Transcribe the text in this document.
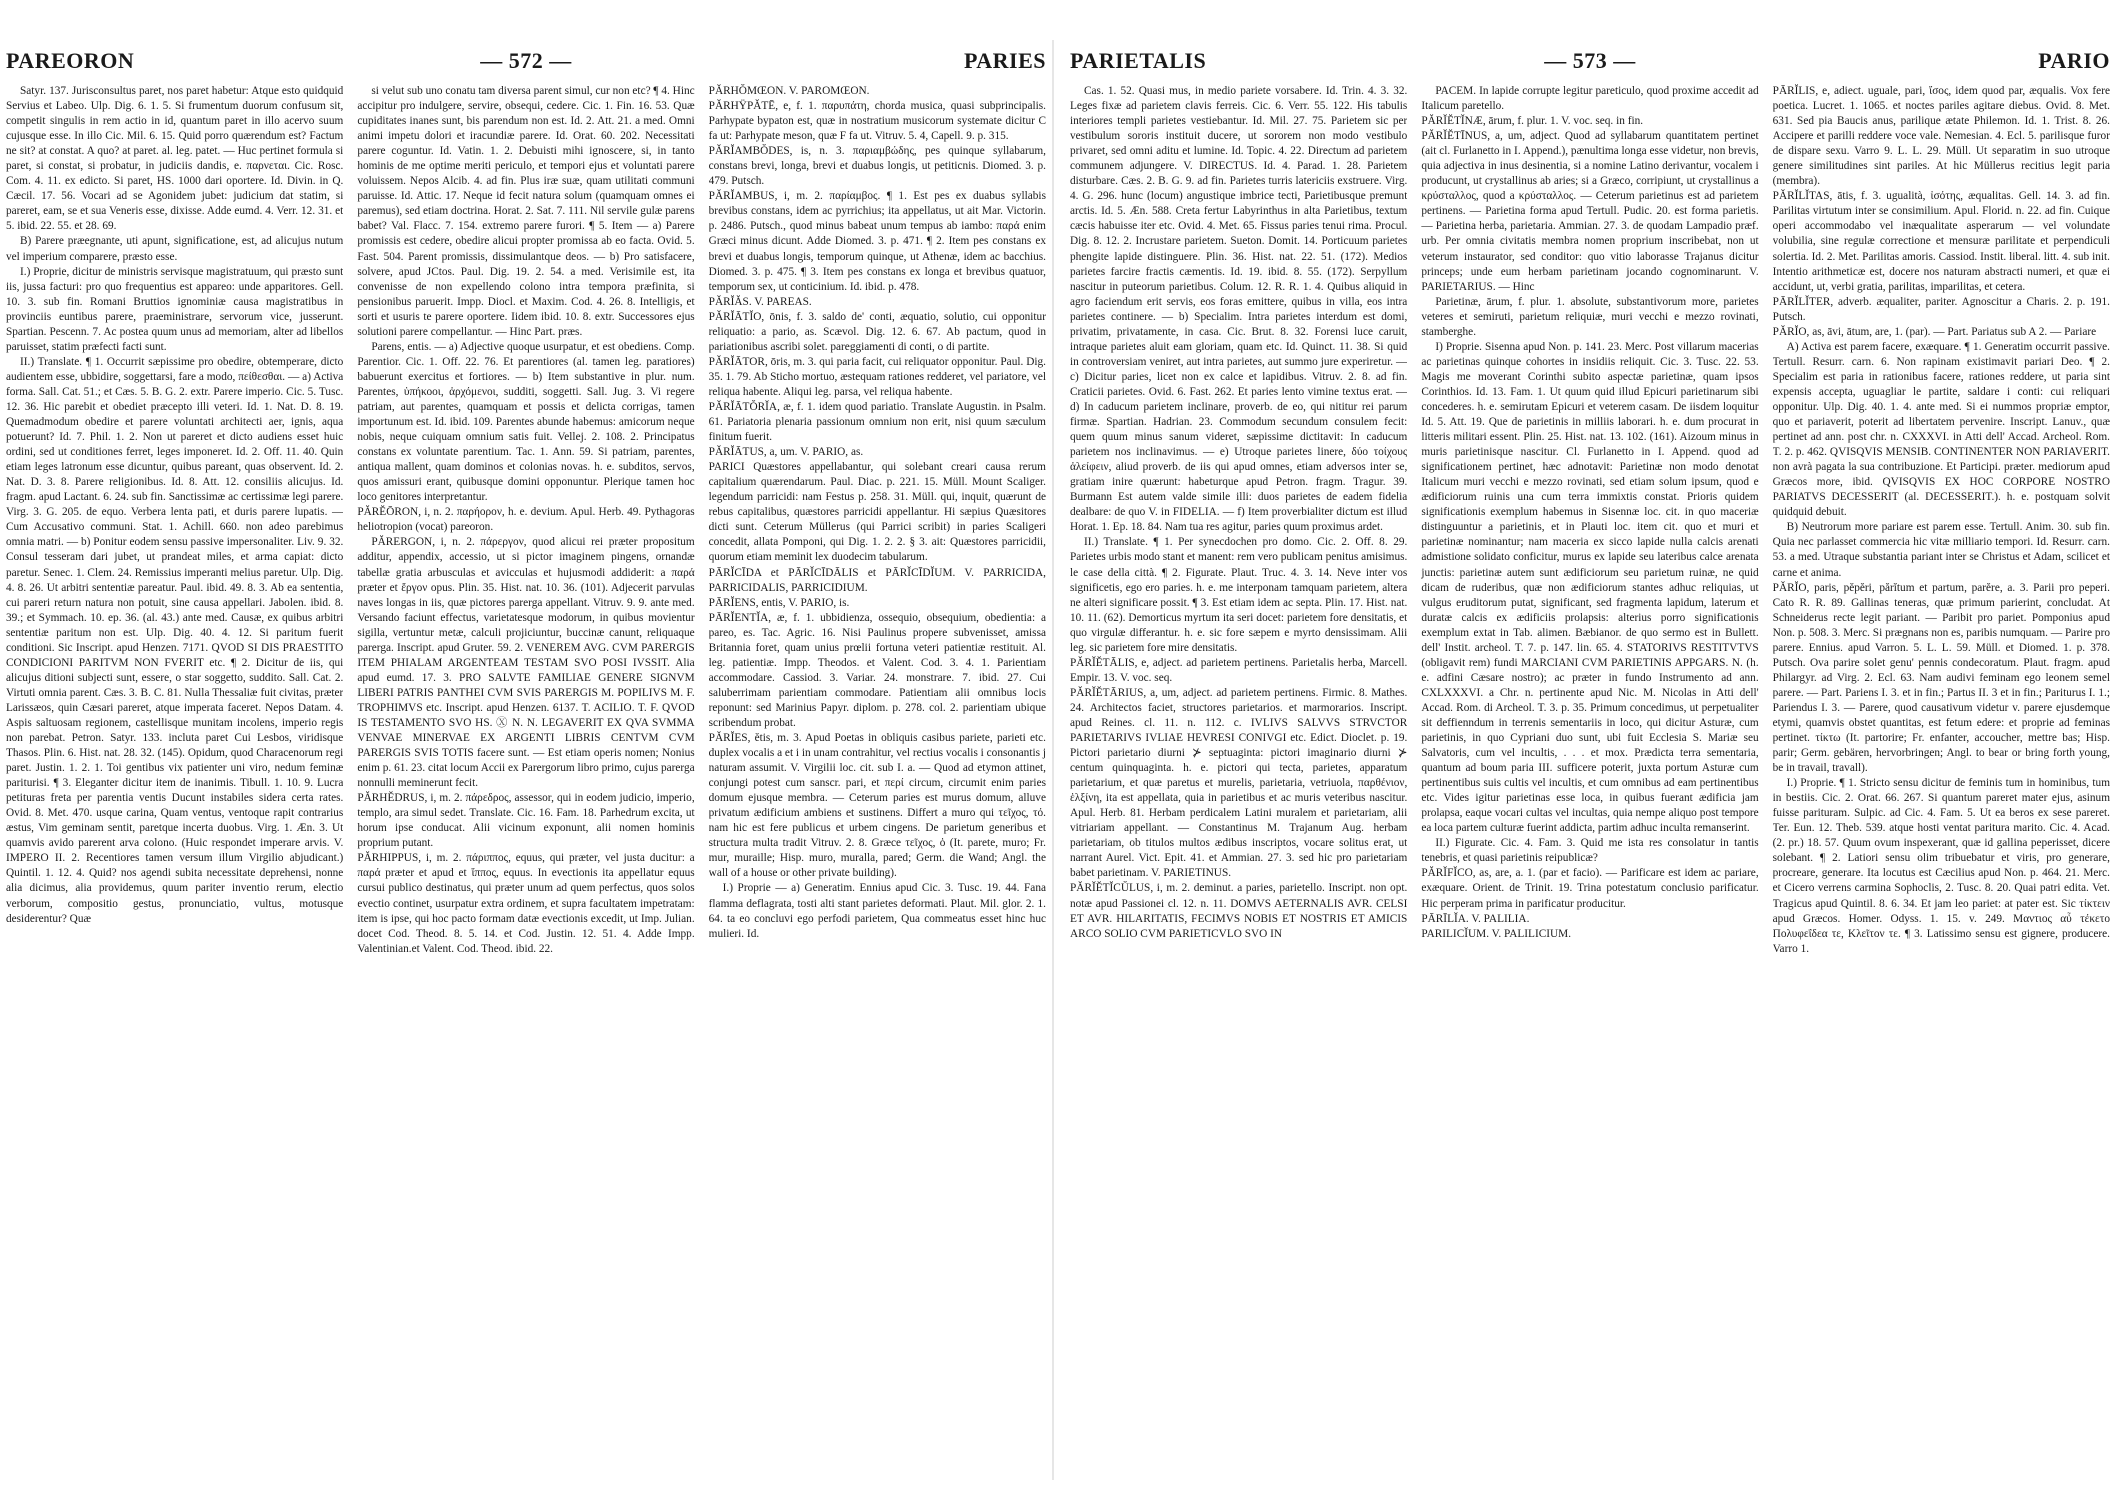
PAREORON	— 572 —	PARIES

Satyr. 137. Jurisconsultus paret, nos paret habetur: Atque esto quidquid Servius et Labeo. Ulp. Dig. 6. 1. 5. Si frumentum duorum confusum sit, competit singulis in rem actio in id, quantum paret in illo acervo suum cujusque esse. In illo Cic. Mil. 6. 15. Quid porro quærendum est? Factum ne sit? at constat. A quo? at paret. al. leg. patet. — Huc pertinet formula si paret, si constat, si probatur, in judiciis dandis, e. παρνεται. Cic. Rosc. Com. 4. 11. ex edicto. Si paret, HS. 1000 dari oportere. Id. Divin. in Q. Cæcil. 17. 56. Vocari ad se Agonidem jubet: judicium dat statim, si pareret, eam, se et sua Veneris esse, dixisse. Adde eumd. 4. Verr. 12. 31. et 5. ibid. 22. 55. et 28. 69.

B) Parere præegnante, uti apunt, significatione, est, ad alicujus nutum vel imperium comparere, præsto esse.

I.) Proprie, dicitur de ministris servisque magistratuum, qui præsto sunt iis, jussa facturi: pro quo frequentius est appareo: unde apparitores. Gell. 10. 3. sub fin. Romani Bruttios ignominiæ causa magistratibus in provinciis euntibus parere, praeministrare, servorum vice, jusserunt. Spartian. Pescenn. 7. Ac postea quum unus ad memoriam, alter ad libellos paruisset, statim præfecti facti sunt.

II.) Translate. ¶ 1. Occurrit sæpissime pro obedire, obtemperare, dicto audientem esse, ubbidire, soggettarsi, fare a modo, πείθεσθαι. — a) Activa forma. Sall. Cat. 51.; et Cæs. 5. B. G. 2. extr. Parere imperio. Cic. 5. Tusc. 12. 36. Hic parebit et obediet præcepto illi veteri. Id. 1. Nat. D. 8. 19. Quemadmodum obedire et parere voluntati architecti aer, ignis, aqua potuerunt? Id. 7. Phil. 1. 2. Non ut pareret et dicto audiens esset huic ordini, sed ut conditiones ferret, leges imponeret. Id. 2. Off. 11. 40. Quin etiam leges latronum esse dicuntur, quibus pareant, quas observent. Id. 2. Nat. D. 3. 8. Parere religionibus. Id. 8. Att. 12. consiliis alicujus. Id. fragm. apud Lactant. 6. 24. sub fin. Sanctissimæ ac certissimæ legi parere. Virg. 3. G. 205. de equo. Verbera lenta pati, et duris parere lupatis. — Cum Accusativo communi. Stat. 1. Achill. 660. non adeo parebimus omnia matri. — b) Ponitur eodem sensu passive impersonaliter. Liv. 9. 32. Consul tesseram dari jubet, ut prandeat miles, et arma capiat: dicto paretur. Senec. 1. Clem. 24. Remissius imperanti melius paretur. Ulp. Dig. 4. 8. 26. Ut arbitri sententiæ pareatur. Paul. ibid. 49. 8. 3. Ab ea sententia, cui pareri return natura non potuit, sine causa appellari. Jabolen. ibid. 8. 39.; et Symmach. 10. ep. 36. (al. 43.) ante med. Causæ, ex quibus arbitri sententiæ paritum non est. Ulp. Dig. 40. 4. 12. Si paritum fuerit conditioni. Sic Inscript. apud Henzen. 7171. QVOD SI DIS PRAESTITO CONDICIONI PARITVM NON FVERIT etc. ¶ 2. Dicitur de iis, qui alicujus ditioni subjecti sunt, essere, o star soggetto, suddito. Sall. Cat. 2. Virtuti omnia parent. Cæs. 3. B. C. 81. Nulla Thessaliæ fuit civitas, præter Larissæos, quin Cæsari pareret, atque imperata faceret. Nepos Datam. 4. Aspis saltuosam regionem, castellisque munitam incolens, imperio regis non parebat. Petron. Satyr. 133. incluta paret Cui Lesbos, viridisque Thasos. Plin. 6. Hist. nat. 28. 32. (145). Opidum, quod Characenorum regi paret. Justin. 1. 2. 1. Toi gentibus vix patienter uni viro, nedum feminæ pariturisi. ¶ 3. Eleganter dicitur item de inanimis. Tibull. 1. 10. 9. Lucra petituras freta per parentia ventis Ducunt instabiles sidera certa rates. Ovid. 8. Met. 470. usque carina, Quam ventus, ventoque rapit contrarius æstus, Vim geminam sentit, paretque incerta duobus. Virg. 1. Æn. 3. Ut quamvis avido parerent arva colono. (Huic respondet imperare arvis. V. IMPERO II. 2. Recentiores tamen versum illum Virgilio abjudicant.) Quintil. 1. 12. 4. Quid? nos agendi subita necessitate deprehensi, nonne alia dicimus, alia providemus, quum pariter inventio rerum, electio verborum, compositio gestus, pronunciatio, vultus, motusque desiderentur? Quæ

si velut sub uno conatu tam diversa parent simul, cur non etc? ¶ 4. Hinc accipitur pro indulgere, servire, obsequi, cedere. Cic. 1. Fin. 16. 53. Quæ cupiditates inanes sunt, bis parendum non est. Id. 2. Att. 21. a med. Omni animi impetu dolori et iracundiæ parere. Id. Orat. 60. 202. Necessitati parere coguntur. Id. Vatin. 1. 2. Debuisti mihi ignoscere, si, in tanto hominis de me optime meriti periculo, et tempori ejus et voluntati parere voluissem. Nepos Alcib. 4. ad fin. Plus iræ suæ, quam utilitati communi paruisse. Id. Attic. 17. Neque id fecit natura solum (quamquam omnes ei paremus), sed etiam doctrina. Horat. 2. Sat. 7. 111. Nil servile gulæ parens babet? Val. Flacc. 7. 154. extremo parere furori. ¶ 5. Item — a) Parere promissis est cedere, obedire alicui propter promissa ab eo facta. Ovid. 5. Fast. 504. Parent promissis, dissimulantque deos. — b) Pro satisfacere, solvere, apud JCtos. Paul. Dig. 19. 2. 54. a med. Verisimile est, ita convenisse de non expellendo colono intra tempora præfinita, si pensionibus paruerit. Impp. Diocl. et Maxim. Cod. 4. 26. 8. Intelligis, et sorti et usuris te parere oportere. Iidem ibid. 10. 8. extr. Successores ejus solutioni parere compellantur. — Hinc Part. præs.

Parens, entis. — a) Adjective quoque usurpatur, et est obediens. Comp. Parentior. Cic. 1. Off. 22. 76. Et parentiores (al. tamen leg. paratiores) babuerunt exercitus et fortiores. — b) Item substantive in plur. num. Parentes, ὑπήκοοι, ἀρχόμενοι, sudditi, soggetti. Sall. Jug. 3. Vi regere patriam, aut parentes, quamquam et possis et delicta corrigas, tamen importunum est. Id. ibid. 109. Parentes abunde habemus: amicorum neque nobis, neque cuiquam omnium satis fuit. Vellej. 2. 108. 2. Principatus constans ex voluntate parentium. Tac. 1. Ann. 59. Si patriam, parentes, antiqua mallent, quam dominos et colonias novas. h. e. subditos, servos, quos amissuri erant, quibusque domini opponuntur. Plerique tamen hoc loco genitores interpretantur.

PĂRĔŌRON, i, n. 2. παρήορον, h. e. devium. Apul. Herb. 49. Pythagoras heliotropion (vocat) pareoron.

PĂRERGON, i, n. 2. πάρεργον, quod alicui rei præter propositum additur, appendix, accessio, ut si pictor imaginem pingens, ornandæ tabellæ gratia arbusculas et avicculas et hujusmodi addiderit: a παρά præter et ἔργον opus. Plin. 35. Hist. nat. 10. 36. (101). Adjecerit parvulas naves longas in iis, quæ pictores parerga appellant. Vitruv. 9. 9. ante med. Versando faciunt effectus, varietatesque modorum, in quibus movientur sigilla, vertuntur metæ, calculi projiciuntur, buccinæ canunt, reliquaque parerga. Inscript. apud Gruter. 59. 2. VENEREM AVG. CVM PARERGIS ITEM PHIALAM ARGENTEAM TESTAM SVO POSI IVSSIT. Alia apud eumd. 17. 3. PRO SALVTE FAMILIAE GENERE SIGNVM LIBERI PATRIS PANTHEI CVM SVIS PARERGIS M. POPILIVS M. F. TROPHIMVS etc. Inscript. apud Henzen. 6137. T. ACILIO. T. F. QVOD IS TESTAMENTO SVO HS. Ⓧ N. N. LEGAVERIT EX QVA SVMMA VENVAE MINERVAE EX ARGENTI LIBRIS CENTVM CVM PARERGIS SVIS TOTIS facere sunt. — Est etiam operis nomen; Nonius enim p. 61. 23. citat locum Accii ex Parergorum libro primo, cujus parerga nonnulli meminerunt fecit.

PĂRHĔDRUS, i, m. 2. πάρεδρος, assessor, qui in eodem judicio, imperio, templo, ara simul sedet. Translate. Cic. 16. Fam. 18. Parhedrum excita, ut horum ipse conducat. Alii vicinum exponunt, alii nomen hominis proprium putant.

PĂRHIPPUS, i, m. 2. πάριππος, equus, qui præter, vel justa ducitur: a παρά præter et apud et ἵππος, equus. In evectionis ita appellatur equus cursui publico destinatus, qui præter unum ad quem perfectus, quos solos evectio continet, usurpatur extra ordinem, et supra facultatem impetratam: item is ipse, qui hoc pacto formam datæ evectionis excedit, ut Imp. Julian. docet Cod. Theod. 8. 5. 14. et Cod. Justin. 12. 51. 4. Adde Impp. Valentinian.et Valent. Cod. Theod. ibid. 22.

PĂRHŎMŒON. V. PAROMŒON.

PĂRHŸPĂTĒ, e, f. 1. παρυπάτη, chorda musica, quasi subprincipalis. Parhypate bypaton est, quæ in nostratium musicorum systemate dicitur C fa ut: Parhypate meson, quæ F fa ut. Vitruv. 5. 4, Capell. 9. p. 315.

PĂRĬAMBŎDES, is, n. 3. παριαμβώδης, pes quinque syllabarum, constans brevi, longa, brevi et duabus longis, ut petiticnis. Diomed. 3. p. 479. Putsch.

PĂRĬAMBUS, i, m. 2. παρίαμβος. ¶ 1. Est pes ex duabus syllabis brevibus constans, idem ac pyrrichius; ita appellatus, ut ait Mar. Victorin. p. 2486. Putsch., quod minus babeat unum tempus ab iambo: παρά enim Græci minus dicunt. Adde Diomed. 3. p. 471. ¶ 2. Item pes constans ex brevi et duabus longis, temporum quinque, ut Athenæ, idem ac bacchius. Diomed. 3. p. 475. ¶ 3. Item pes constans ex longa et brevibus quatuor, temporum sex, ut conticinium. Id. ibid. p. 478.

PĂRĬĂS. V. PAREAS.

PĂRĬĀTĬO, ōnis, f. 3. saldo de' conti, æquatio, solutio, cui opponitur reliquatio: a pario, as. Scævol. Dig. 12. 6. 67. Ab pactum, quod in pariationibus ascribi solet. pareggiamenti di conti, o di partite.

PĂRĬĀTOR, ōris, m. 3. qui paria facit, cui reliquator opponitur. Paul. Dig. 35. 1. 79. Ab Sticho mortuo, æstequam rationes redderet, vel pariatore, vel reliqua habente. Aliqui leg. parsa, vel reliqua habente.

PĂRĬĀTŎRĬA, æ, f. 1. idem quod pariatio. Translate Augustin. in Psalm. 61. Pariatoria plenaria passionum omnium non erit, nisi quum sæculum finitum fuerit.

PĂRĬĀTUS, a, um. V. PARIO, as.

PARICI Quæstores appellabantur, qui solebant creari causa rerum capitalium quærendarum. Paul. Diac. p. 221. 15. Müll. Mount Scaliger. legendum parricidi: nam Festus p. 258. 31. Müll. qui, inquit, quærunt de rebus capitalibus, quæstores parricidi appellantur. Hi sæpius Quæsitores dicti sunt. Ceterum Müllerus (qui Parrici scribit) in paries Scaligeri concedit, allata Pomponi, qui Dig. 1. 2. 2. § 3. ait: Quæstores parricidii, quorum etiam meminit lex duodecim tabularum.

PĀRĬCĪDA et PĀRĬCĪDĀLIS et PĀRĬCĪDĬUM. V. PARRICIDA, PARRICIDALIS, PARRICIDIUM.

PĀRĬENS, entis, V. PARIO, is.

PĀRĬENTĬA, æ, f. 1. ubbidienza, ossequio, obsequium, obedientia: a pareo, es. Tac. Agric. 16. Nisi Paulinus propere subvenisset, amissa Britannia foret, quam unius prœlii fortuna veteri patientiæ restituit. Al. leg. patientiæ. Impp. Theodos. et Valent. Cod. 3. 4. 1. Parientiam accommodare. Cassiod. 3. Variar. 24. monstrare. 7. ibid. 27. Cui saluberrimam parientiam commodare. Patientiam alii omnibus locis reponunt: sed Marinius Papyr. diplom. p. 278. col. 2. parientiam ubique scribendum probat.

PĂRĬES, ĕtis, m. 3. Apud Poetas in obliquis casibus pariete, parieti etc. duplex vocalis a et i in unam contrahitur, vel rectius vocalis i consonantis j naturam assumit. V. Virgilii loc. cit. sub I. a. — Quod ad etymon attinet, conjungi potest cum sanscr. pari, et περί circum, circumit enim paries domum ejusque membra. — Ceterum paries est murus domum, alluve privatum ædificium ambiens et sustinens. Differt a muro qui τεῖχος, τό. nam hic est fere publicus et urbem cingens. De parietum generibus et structura multa tradit Vitruv. 2. 8. Græce τεῖχος, ὁ (It. parete, muro; Fr. mur, muraille; Hisp. muro, muralla, pared; Germ. die Wand; Angl. the wall of a house or other private building).

I.) Proprie — a) Generatim. Ennius apud Cic. 3. Tusc. 19. 44. Fana flamma deflagrata, tosti alti stant parietes deformati. Plaut. Mil. glor. 2. 1. 64. ta eo concluvi ego perfodi parietem, Qua commeatus esset hinc huc mulieri. Id.

PARIETALIS	— 573 —	PARIO

Cas. 1. 52. Quasi mus, in medio pariete vorsabere. Id. Trin. 4. 3. 32. Leges fixæ ad parietem clavis ferreis. Cic. 6. Verr. 55. 122. His tabulis interiores templi parietes vestiebantur. Id. Mil. 27. 75. Parietem sic per vestibulum sororis instituit ducere, ut sororem non modo vestibulo privaret, sed omni aditu et lumine. Id. Topic. 4. 22. Directum ad parietem communem adjungere. V. DIRECTUS. Id. 4. Parad. 1. 28. Parietem disturbare. Cæs. 2. B. G. 9. ad fin. Parietes turris latericiis exstruere. Virg. 4. G. 296. hunc (locum) angustique imbrice tecti, Parietibusque premunt arctis. Id. 5. Æn. 588. Creta fertur Labyrinthus in alta Parietibus, textum cæcis habuisse iter etc. Ovid. 4. Met. 65. Fissus paries tenui rima. Procul. Dig. 8. 12. 2. Incrustare parietem. Sueton. Domit. 14. Porticuum parietes phengite lapide distinguere. Plin. 36. Hist. nat. 22. 51. (172). Medios parietes farcire fractis cæmentis. Id. 19. ibid. 8. 55. (172). Serpyllum nascitur in puteorum parietibus. Colum. 12. R. R. 1. 4. Quibus aliquid in agro faciendum erit servis, eos foras emittere, quibus in villa, eos intra parietes continere. — b) Specialim. Intra parietes interdum est domi, privatim, privatamente, in casa. Cic. Brut. 8. 32. Forensi luce caruit, intraque parietes aluit eam gloriam, quam etc. Id. Quinct. 11. 38. Si quid in controversiam veniret, aut intra parietes, aut summo jure experiretur. — c) Dicitur paries, licet non ex calce et lapidibus. Vitruv. 2. 8. ad fin. Craticii parietes. Ovid. 6. Fast. 262. Et paries lento vimine textus erat. — d) In caducum parietem inclinare, proverb. de eo, qui nititur rei parum firmæ. Spartian. Hadrian. 23. Commodum secundum consulem fecit: quem quum minus sanum videret, sæpissime dictitavit: In caducum parietem nos inclinavimus. — e) Utroque parietes linere, δύο τοίχους ἀλείφειν, aliud proverb. de iis qui apud omnes, etiam adversos inter se, gratiam inire quærunt: habeturque apud Petron. fragm. Tragur. 39. Burmann Est autem valde simile illi: duos parietes de eadem fidelia dealbare: de quo V. in FIDELIA. — f) Item proverbialiter dictum est illud Horat. 1. Ep. 18. 84. Nam tua res agitur, paries quum proximus ardet.

II.) Translate. ¶ 1. Per synecdochen pro domo. Cic. 2. Off. 8. 29. Parietes urbis modo stant et manent: rem vero publicam penitus amisimus. le case della città. ¶ 2. Figurate. Plaut. Truc. 4. 3. 14. Neve inter vos significetis, ego ero paries. h. e. me interponam tamquam parietem, altera ne alteri significare possit. ¶ 3. Est etiam idem ac septa. Plin. 17. Hist. nat. 10. 11. (62). Demorticus myrtum ita seri docet: parietem fore densitatis, et quo virgulæ differantur. h. e. sic fore sæpem e myrto densissimam. Alii leg. sic parietem fore mire densitatis.

PĂRĬĔTĀLIS, e, adject. ad parietem pertinens. Parietalis herba, Marcell. Empir. 13. V. voc. seq.

PĂRĬĔTĀRIUS, a, um, adject. ad parietem pertinens. Firmic. 8. Mathes. 24. Architectos faciet, structores parietarios. et marmorarios. Inscript. apud Reines. cl. 11. n. 112. c. IVLIVS SALVVS STRVCTOR PARIETARIVS IVLIAE HEVRESI CONIVGI etc. Edict. Dioclet. p. 19. Pictori parietario diurni ⊁ septuaginta: pictori imaginario diurni ⊁ centum quinquaginta. h. e. pictori qui tecta, parietes, apparatum parietarium, et quæ paretus et murelis, parietaria, vetriuola, παρθένιον, ἑλξίνη, ita est appellata, quia in parietibus et ac muris veteribus nascitur. Apul. Herb. 81. Herbam perdicalem Latini muralem et parietariam, alii vitriariam appellant. — Constantinus M. Trajanum Aug. herbam parietariam, ob titulos multos ædibus inscriptos, vocare solitus erat, ut narrant Aurel. Vict. Epit. 41. et Ammian. 27. 3. sed hic pro parietariam babet parietinam. V. PARIETINUS.

PĂRĬĔTĬCŬLUS, i, m. 2. deminut. a paries, parietello. Inscript. non opt. notæ apud Passionei cl. 12. n. 11. DOMVS AETERNALIS AVR. CELSI ET AVR. HILARITATIS, FECIMVS NOBIS ET NOSTRIS ET AMICIS ARCO SOLIO CVM PARIETICVLO SVO IN

PACEM. In lapide corrupte legitur pareticulo, quod proxime accedit ad Italicum paretello.

PĂRĬĔTĬNÆ, ārum, f. plur. 1. V. voc. seq. in fin.

PĂRĬĔTĪNUS, a, um, adject. Quod ad syllabarum quantitatem pertinet (ait cl. Furlanetto in I. Append.), pænultima longa esse videtur, non brevis, quia adjectiva in inus desinentia, si a nomine Latino derivantur, vocalem i producunt, ut crystallinus ab aries; si a Græco, corripiunt, ut crystallinus a κρύσταλλος, quod a κρύσταλλος. — Ceterum parietinus est ad parietem pertinens. — Parietina forma apud Tertull. Pudic. 20. est forma parietis. — Parietina herba, parietaria. Ammian. 27. 3. de quodam Lampadio præf. urb. Per omnia civitatis membra nomen proprium inscribebat, non ut veterum instaurator, sed conditor: quo vitio laborasse Trajanus dicitur princeps; unde eum herbam parietinam jocando cognominarunt. V. PARIETARIUS. — Hinc

Parietinæ, ārum, f. plur. 1. absolute, substantivorum more, parietes veteres et semiruti, parietum reliquiæ, muri vecchi e mezzo rovinati, stamberghe.

I) Proprie. Sisenna apud Non. p. 141. 23. Merc. Post villarum macerias ac parietinas quinque cohortes in insidiis reliquit. Cic. 3. Tusc. 22. 53. Magis me moverant Corinthi subito aspectæ parietinæ, quam ipsos Corinthios. Id. 13. Fam. 1. Ut quum quid illud Epicuri parietinarum sibi concederes. h. e. semirutam Epicuri et veterem casam. De iisdem loquitur Id. 5. Att. 19. Que de parietinis in milliis laborari. h. e. dum procurat in litteris militari essent. Plin. 25. Hist. nat. 13. 102. (161). Aizoum minus in muris parietinisque nascitur. Cl. Furlanetto in I. Append. quod ad significationem pertinet, hæc adnotavit: Parietinæ non modo denotat Italicum muri vecchi e mezzo rovinati, sed etiam solum ipsum, quod e ædificiorum ruinis una cum terra immixtis constat. Prioris quidem significationis exemplum habemus in Sisennæ loc. cit. in quo maceriæ distinguuntur a parietinis, et in Plauti loc. item cit. quo et muri et parietinæ nominantur; nam maceria ex sicco lapide nulla calcis arenati admistione solidato conficitur, murus ex lapide seu lateribus calce arenata junctis: parietinæ autem sunt ædificiorum seu parietum ruinæ, ne quid dicam de ruderibus, quæ non ædificiorum stantes adhuc reliquias, ut vulgus eruditorum putat, significant, sed fragmenta lapidum, laterum et duratæ calcis ex ædificiis prolapsis: alterius porro significationis exemplum extat in Tab. alimen. Bæbianor. de quo sermo est in Bullett. dell' Instit. archeol. T. 7. p. 147. lin. 65. 4. STATORIVS RESTITVTVS (obligavit rem) fundi MARCIANI CVM PARIETINIS APPGARS. N. (h. e. adfini Cæsare nostro); ac præter in fundo Instrumento ad ann. CXLXXXVI. a Chr. n. pertinente apud Nic. M. Nicolas in Atti dell' Accad. Rom. di Archeol. T. 3. p. 35. Primum concedimus, ut perpetualiter sit deffienndum in terrenis sementariis in loco, qui dicitur Asturæ, cum parietinis, in quo Cypriani duo sunt, ubi fuit Ecclesia S. Mariæ seu Salvatoris, cum vel incultis, . . . et mox. Prædicta terra sementaria, quantum ad boum paria III. sufficere poterit, juxta portum Asturæ cum pertinentibus suis cultis vel incultis, et cum omnibus ad eam pertinentibus etc. Vides igitur parietinas esse loca, in quibus fuerant ædificia jam prolapsa, eaque vocari cultas vel incultas, quia nempe aliquo post tempore ea loca partem culturæ fuerint addicta, partim adhuc inculta remanserint.

II.) Figurate. Cic. 4. Fam. 3. Quid me ista res consolatur in tantis tenebris, et quasi parietinis reipublicæ?

PĂRĬFĬCO, as, are, a. 1. (par et facio). — Parificare est idem ac pariare, exæquare. Orient. de Trinit. 19. Trina potestatum conclusio parificatur. Hic perperam prima in parificatur producitur.

PĀRĪLĬA. V. PALILIA.

PARILICĬUM. V. PALILICIUM.

PĀRĬLIS, e, adiect. uguale, pari, ἴσος, idem quod par, æqualis. Vox fere poetica. Lucret. 1. 1065. et noctes pariles agitare diebus. Ovid. 8. Met. 631. Sed pia Baucis anus, parilique ætate Philemon. Id. 1. Trist. 8. 26. Accipere et parilli reddere voce vale. Nemesian. 4. Ecl. 5. parilisque furor de dispare sexu. Varro 9. L. L. 29. Müll. Ut separatim in suo utroque genere similitudines sint pariles. At hic Müllerus recitius legit paria (membra).

PĂRĬLĬTAS, ātis, f. 3. ugualità, ἰσότης, æqualitas. Gell. 14. 3. ad fin. Parilitas virtutum inter se consimilium. Apul. Florid. n. 22. ad fin. Cuique operi accommodabo vel inæqualitate asperarum — vel volundate volubilia, sine regulæ correctione et mensuræ parilitate et perpendiculi solertia. Id. 2. Met. Parilitas amoris. Cassiod. Instit. liberal. litt. 4. sub init. Intentio arithmeticæ est, docere nos naturam abstracti numeri, et quæ ei accidunt, ut, verbi gratia, parilitas, imparilitas, et cetera.

PĀRĬLĬTER, adverb. æqualiter, pariter. Agnoscitur a Charis. 2. p. 191. Putsch.

PĂRĬO, as, āvi, ātum, are, 1. (par). — Part. Pariatus sub A 2. — Pariare

A) Activa est parem facere, exæquare. ¶ 1. Generatim occurrit passive. Tertull. Resurr. carn. 6. Non rapinam existimavit pariari Deo. ¶ 2. Specialim est paria in rationibus facere, rationes reddere, ut paria sint expensis accepta, uguagliar le partite, saldare i conti: cui reliquari opponitur. Ulp. Dig. 40. 1. 4. ante med. Si ei nummos propriæ emptor, quo et pariaverit, poterit ad libertatem pervenire. Inscript. Lanuv., quæ pertinet ad ann. post chr. n. CXXXVI. in Atti dell' Accad. Archeol. Rom. T. 2. p. 462. QVISQVIS MENSIB. CONTINENTER NON PARIAVERIT. non avrà pagata la sua contribuzione. Et Participi. præter. mediorum apud Græcos more, ibid. QVISQVIS EX HOC CORPORE NOSTRO PARIATVS DECESSERIT (al. DECESSERIT.). h. e. postquam solvit quidquid debuit.

B) Neutrorum more pariare est parem esse. Tertull. Anim. 30. sub fin. Quia nec parlasset commercia hic vitæ milliario tempori. Id. Resurr. carn. 53. a med. Utraque substantia pariant inter se Christus et Adam, scilicet et carne et anima.

PĂRĬO, paris, pĕpĕri, părĭtum et partum, parĕre, a. 3. Parii pro peperi. Cato R. R. 89. Gallinas teneras, quæ primum parierint, concludat. At Schneiderus recte legit pariant. — Paribit pro pariet. Pomponius apud Non. p. 508. 3. Merc. Si prægnans non es, paribis numquam. — Parire pro parere. Ennius. apud Varron. 5. L. L. 59. Müll. et Diomed. 1. p. 378. Putsch. Ova parire solet genu' pennis condecoratum. Plaut. fragm. apud Philargyr. ad Virg. 2. Ecl. 63. Nam audivi feminam ego leonem semel parere. — Part. Pariens I. 3. et in fin.; Partus II. 3 et in fin.; Pariturus I. 1.; Pariendus I. 3. — Parere, quod causativum videtur v. parere ejusdemque etymi, quamvis obstet quantitas, est fetum edere: et proprie ad feminas pertinet. τίκτω (It. partorire; Fr. enfanter, accoucher, mettre bas; Hisp. parir; Germ. gebären, hervorbringen; Angl. to bear or bring forth young, be in travail, travall).

I.) Proprie. ¶ 1. Stricto sensu dicitur de feminis tum in hominibus, tum in bestiis. Cic. 2. Orat. 66. 267. Si quantum pareret mater ejus, asinum fuisse parituram. Sulpic. ad Cic. 4. Fam. 5. Ut ea beros ex sese pareret. Ter. Eun. 12. Theb. 539. atque hosti ventat paritura marito. Cic. 4. Acad. (2. pr.) 18. 57. Quum ovum inspexerant, quæ id gallina peperisset, dicere solebant. ¶ 2. Latiori sensu olim tribuebatur et viris, pro generare, procreare, generare. Ita locutus est Cæcilius apud Non. p. 464. 21. Merc. et Cicero verrens carmina Sophoclis, 2. Tusc. 8. 20. Quai patri edita. Vet. Tragicus apud Quintil. 8. 6. 34. Et jam leo pariet: at pater est. Sic τίκτειν apud Græcos. Homer. Odyss. 1. 15. v. 249. Μαντιος αὖ τέκετο Πολυφεΐδεα τε, Κλεῖτον τε. ¶ 3. Latissimo sensu est gignere, producere. Varro 1.
